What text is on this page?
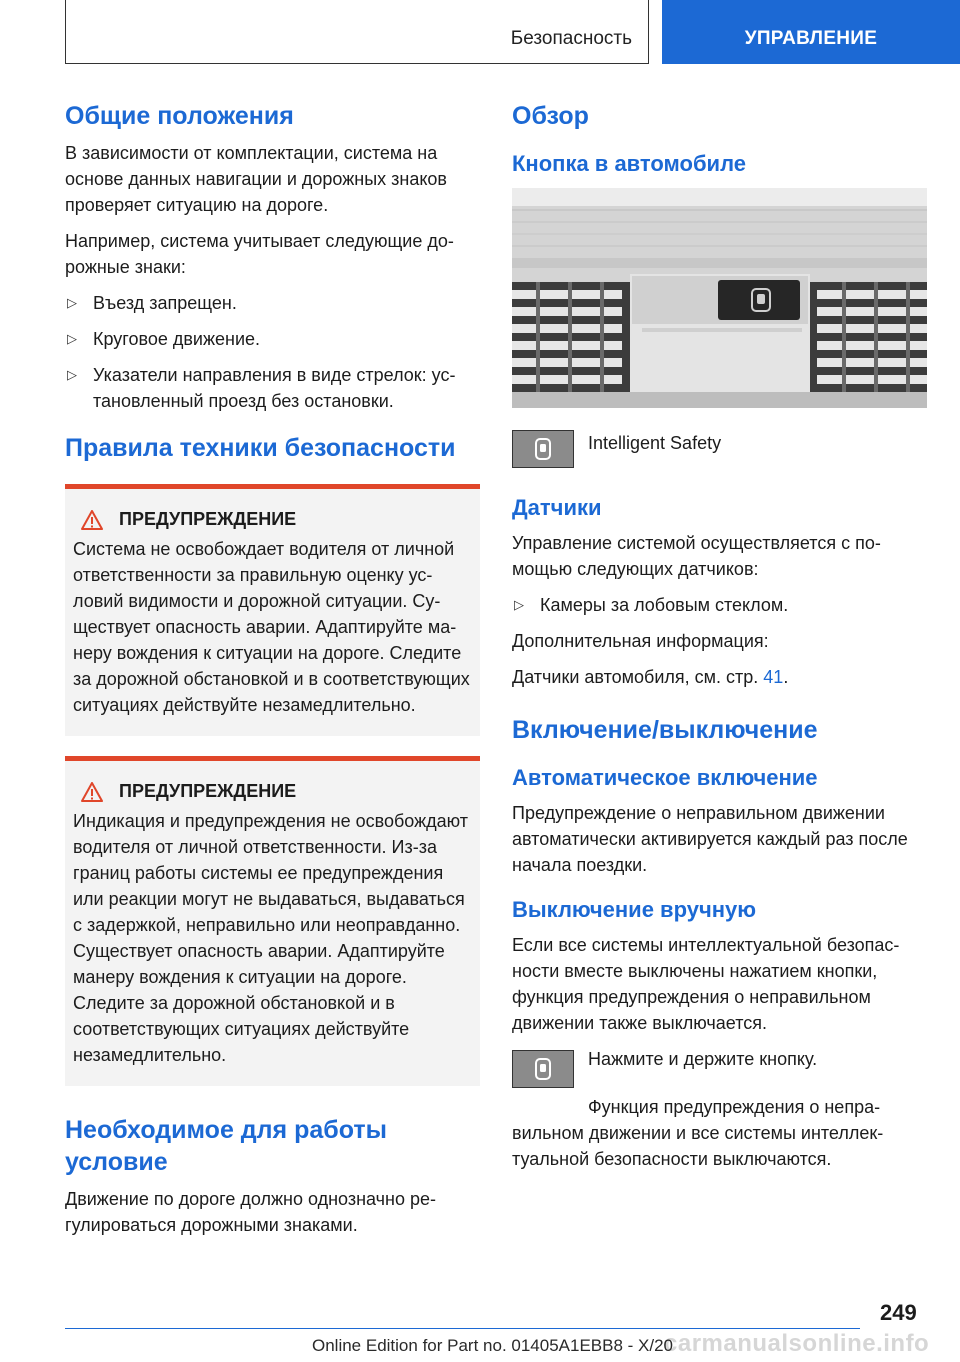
Безопасность	УПРАВЛЕНИЕ
Общие положения

В зависимости от комплектации, система на основе данных навигации и дорожных знаков проверяет ситуацию на дороге.

Например, система учитывает следующие дорожные знаки:

▷ Въезд запрещен.
▷ Круговое движение.
▷ Указатели направления в виде стрелок: установленный проезд без остановки.
Правила техники безопасности
ПРЕДУПРЕЖДЕНИЕ

Система не освобождает водителя от личной ответственности за правильную оценку условий видимости и дорожной ситуации. Существует опасность аварии. Адаптируйте манеру вождения к ситуации на дороге. Следите за дорожной обстановкой и в соответствующих ситуациях действуйте незамедлительно.

ПРЕДУПРЕЖДЕНИЕ

Индикация и предупреждения не освобождают водителя от личной ответственности. Из-за границ работы системы ее предупреждения или реакции могут не выдаваться, выдаваться с задержкой, неправильно или неоправданно. Существует опасность аварии. Адаптируйте манеру вождения к ситуации на дороге. Следите за дорожной обстановкой и в соответствующих ситуациях действуйте незамедлительно.

Необходимое для работы условие

Движение по дороге должно однозначно регулироваться дорожными знаками.

Обзор
Кнопка в автомобиле

Intelligent Safety

Датчики

Управление системой осуществляется с помощью следующих датчиков:

▷ Камеры за лобовым стеклом.

Дополнительная информация:

Датчики автомобиля, см. стр. 41.

Включение/выключение
Автоматическое включение

Предупреждение о неправильном движении автоматически активируется каждый раз после начала поездки.

Выключение вручную

Если все системы интеллектуальной безопасности вместе выключены нажатием кнопки, функция предупреждения о неправильном движении также выключается.

Нажмите и держите кнопку.

Функция предупреждения о неправильном движении и все системы интеллектуальной безопасности выключаются.

249
carmanualsonline.info
Online Edition for Part no. 01405A1EBB8 - X/20
